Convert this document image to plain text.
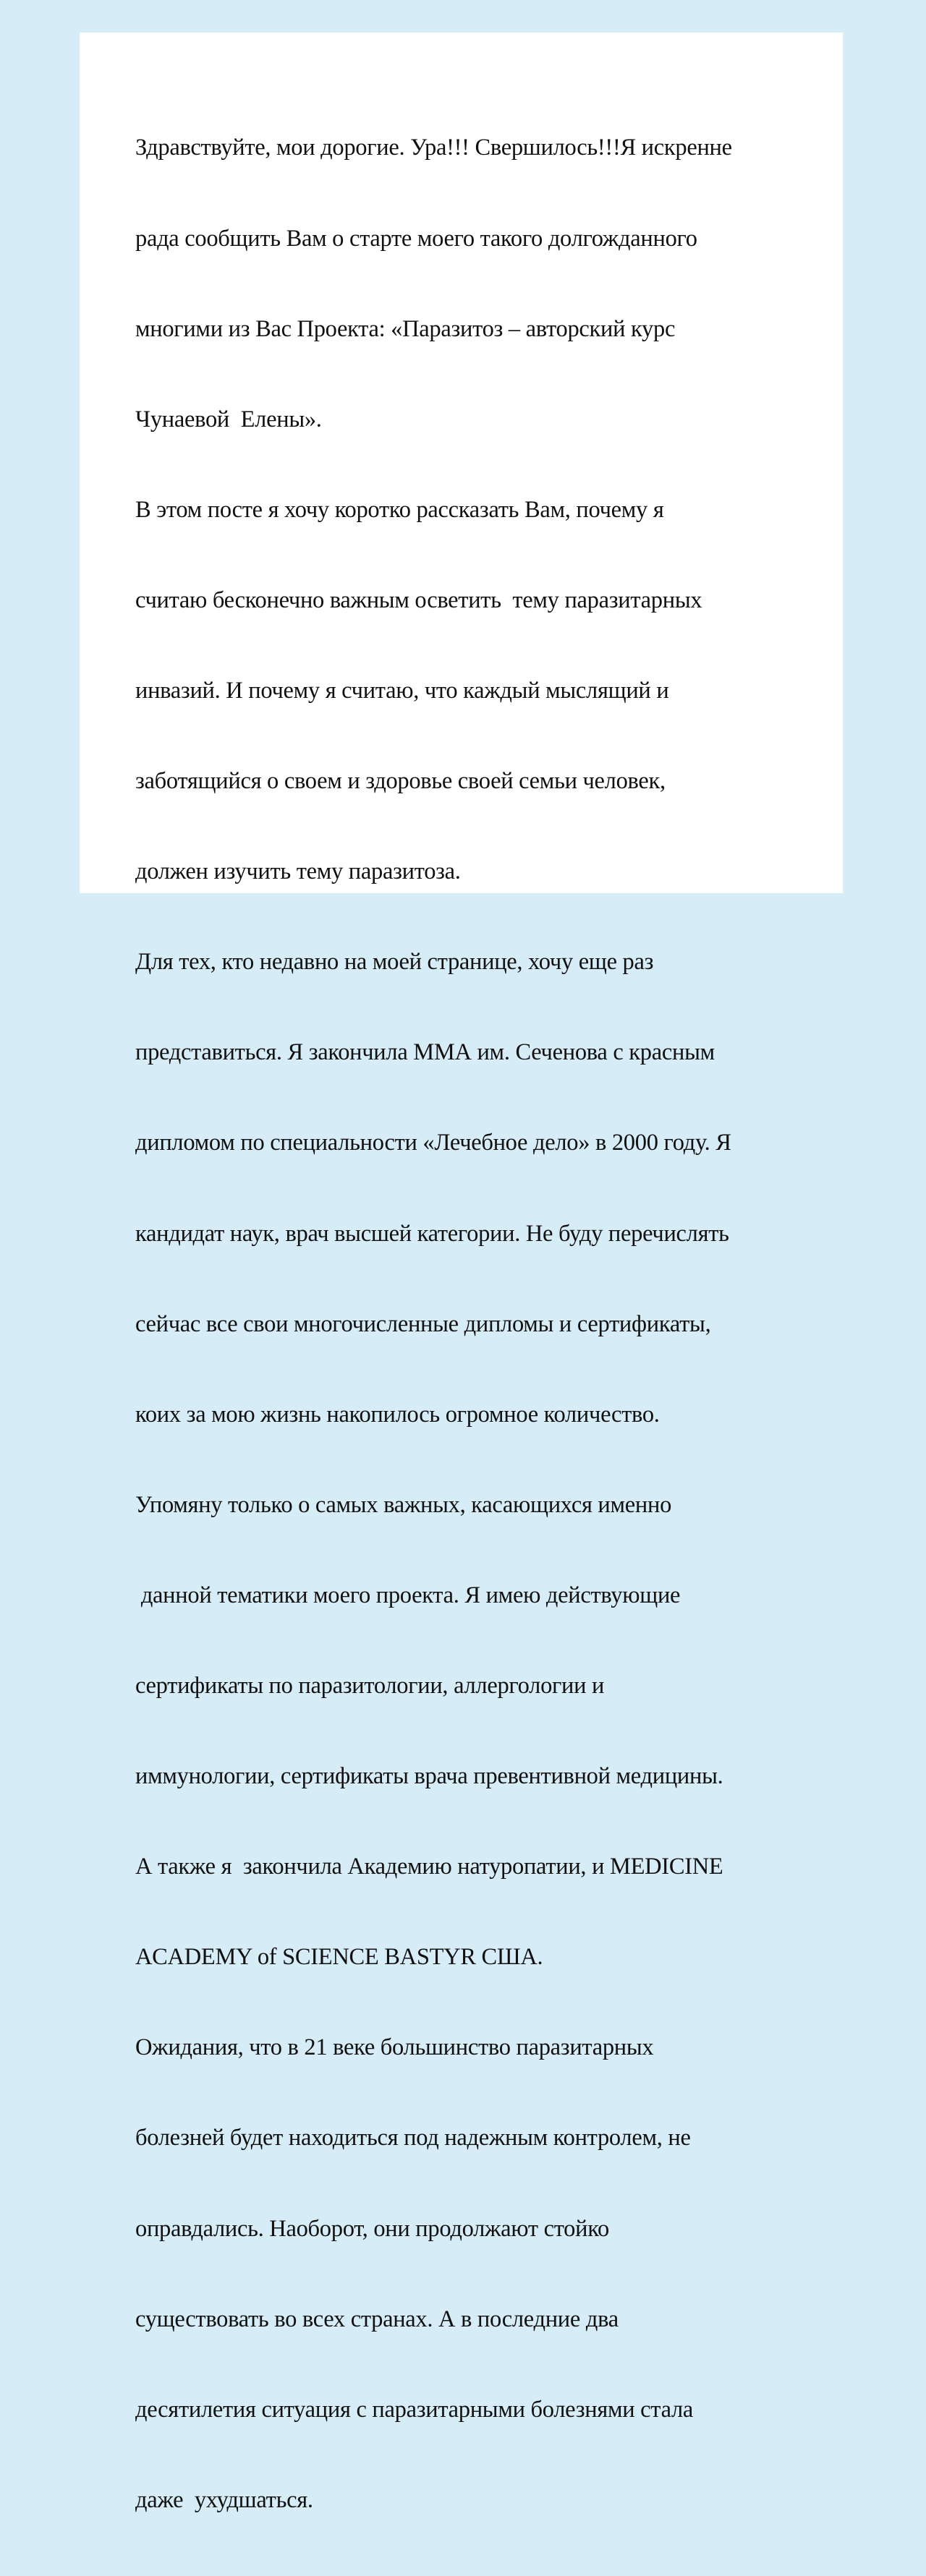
Здравствуйте, мои дорогие. Ура!!! Свершилось!!!Я искренне

рада сообщить Вам о старте моего такого долгожданного

многими из Вас Проекта: «Паразитоз – авторский курс

Чунаевой  Елены».

В этом посте я хочу коротко рассказать Вам, почему я

считаю бесконечно важным осветить  тему паразитарных

инвазий. И почему я считаю, что каждый мыслящий и

заботящийся о своем и здоровье своей семьи человек,

должен изучить тему паразитоза.

Для тех, кто недавно на моей странице, хочу еще раз

представиться. Я закончила ММА им. Сеченова с красным

дипломом по специальности «Лечебное дело» в 2000 году. Я

кандидат наук, врач высшей категории. Не буду перечислять

сейчас все свои многочисленные дипломы и сертификаты,

коих за мою жизнь накопилось огромное количество.

Упомяну только о самых важных, касающихся именно

данной тематики моего проекта. Я имею действующие

сертификаты по паразитологии, аллергологии и

иммунологии, сертификаты врача превентивной медицины.

А также я  закончила Академию натуропатии, и MEDICINE

ACADEMY of SCIENCE BASTYR США.

Ожидания, что в 21 веке большинство паразитарных

болезней будет находиться под надежным контролем, не

оправдались. Наоборот, они продолжают стойко

существовать во всех странах. А в последние два

десятилетия ситуация с паразитарными болезнями стала

даже  ухудшаться.
